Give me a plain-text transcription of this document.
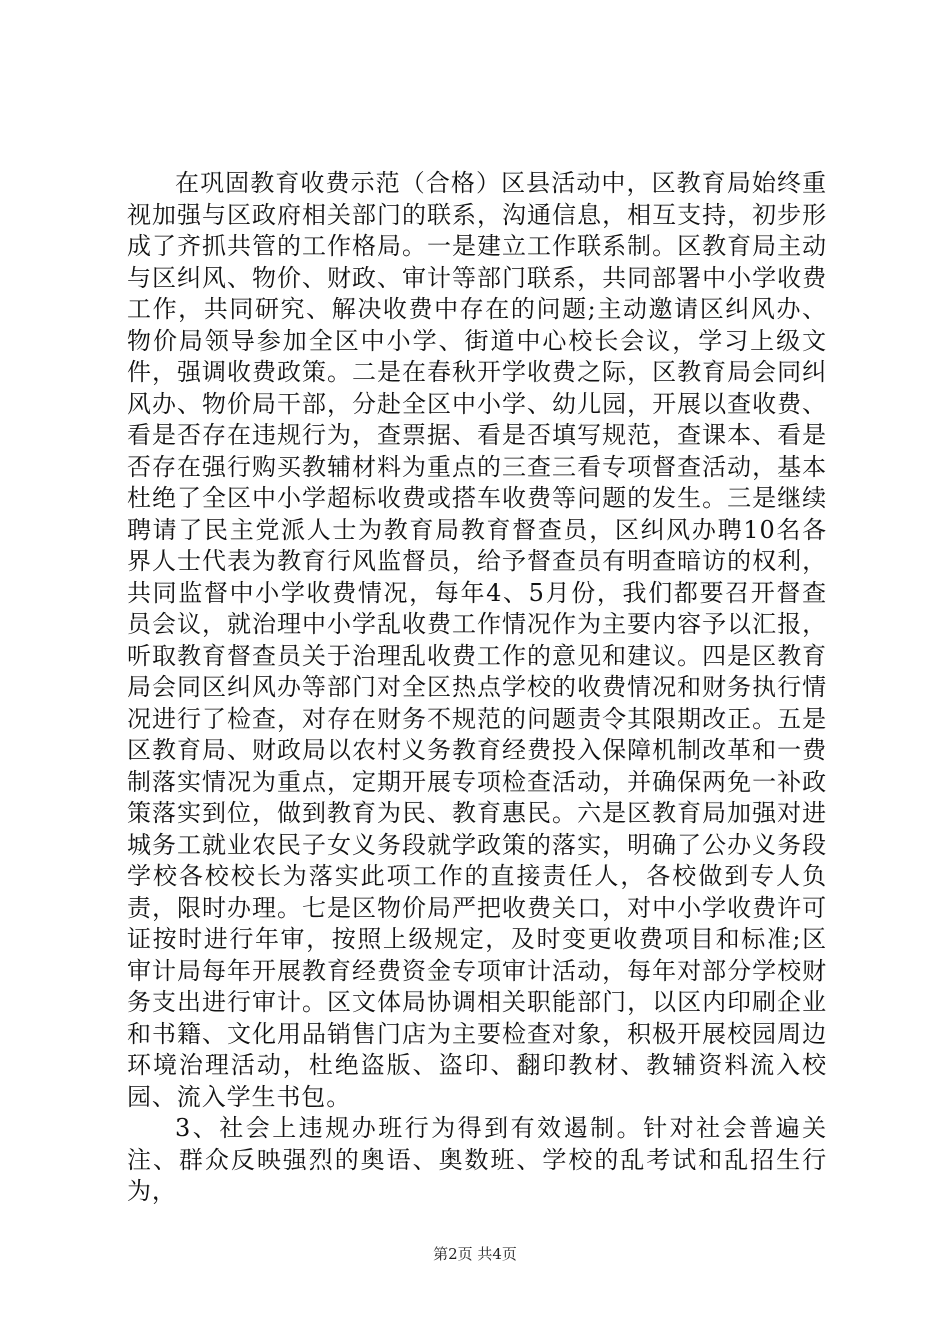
在巩固教育收费示范（合格）区县活动中，区教育局始终重视加强与区政府相关部门的联系，沟通信息，相互支持，初步形成了齐抓共管的工作格局。一是建立工作联系制。区教育局主动与区纠风、物价、财政、审计等部门联系，共同部署中小学收费工作，共同研究、解决收费中存在的问题;主动邀请区纠风办、物价局领导参加全区中小学、街道中心校长会议，学习上级文件，强调收费政策。二是在春秋开学收费之际，区教育局会同纠风办、物价局干部，分赴全区中小学、幼儿园，开展以查收费、看是否存在违规行为，查票据、看是否填写规范，查课本、看是否存在强行购买教辅材料为重点的三查三看专项督查活动，基本杜绝了全区中小学超标收费或搭车收费等问题的发生。三是继续聘请了民主党派人士为教育局教育督查员，区纠风办聘10名各界人士代表为教育行风监督员，给予督查员有明查暗访的权利，共同监督中小学收费情况，每年4、5月份，我们都要召开督查员会议，就治理中小学乱收费工作情况作为主要内容予以汇报，听取教育督查员关于治理乱收费工作的意见和建议。四是区教育局会同区纠风办等部门对全区热点学校的收费情况和财务执行情况进行了检查，对存在财务不规范的问题责令其限期改正。五是区教育局、财政局以农村义务教育经费投入保障机制改革和一费制落实情况为重点，定期开展专项检查活动，并确保两免一补政策落实到位，做到教育为民、教育惠民。六是区教育局加强对进城务工就业农民子女义务段就学政策的落实，明确了公办义务段学校各校校长为落实此项工作的直接责任人，各校做到专人负责，限时办理。七是区物价局严把收费关口，对中小学收费许可证按时进行年审，按照上级规定，及时变更收费项目和标准;区审计局每年开展教育经费资金专项审计活动，每年对部分学校财务支出进行审计。区文体局协调相关职能部门，以区内印刷企业和书籍、文化用品销售门店为主要检查对象，积极开展校园周边环境治理活动，杜绝盗版、盗印、翻印教材、教辅资料流入校园、流入学生书包。

3、社会上违规办班行为得到有效遏制。针对社会普遍关注、群众反映强烈的奥语、奥数班、学校的乱考试和乱招生行为，

第2页 共4页
